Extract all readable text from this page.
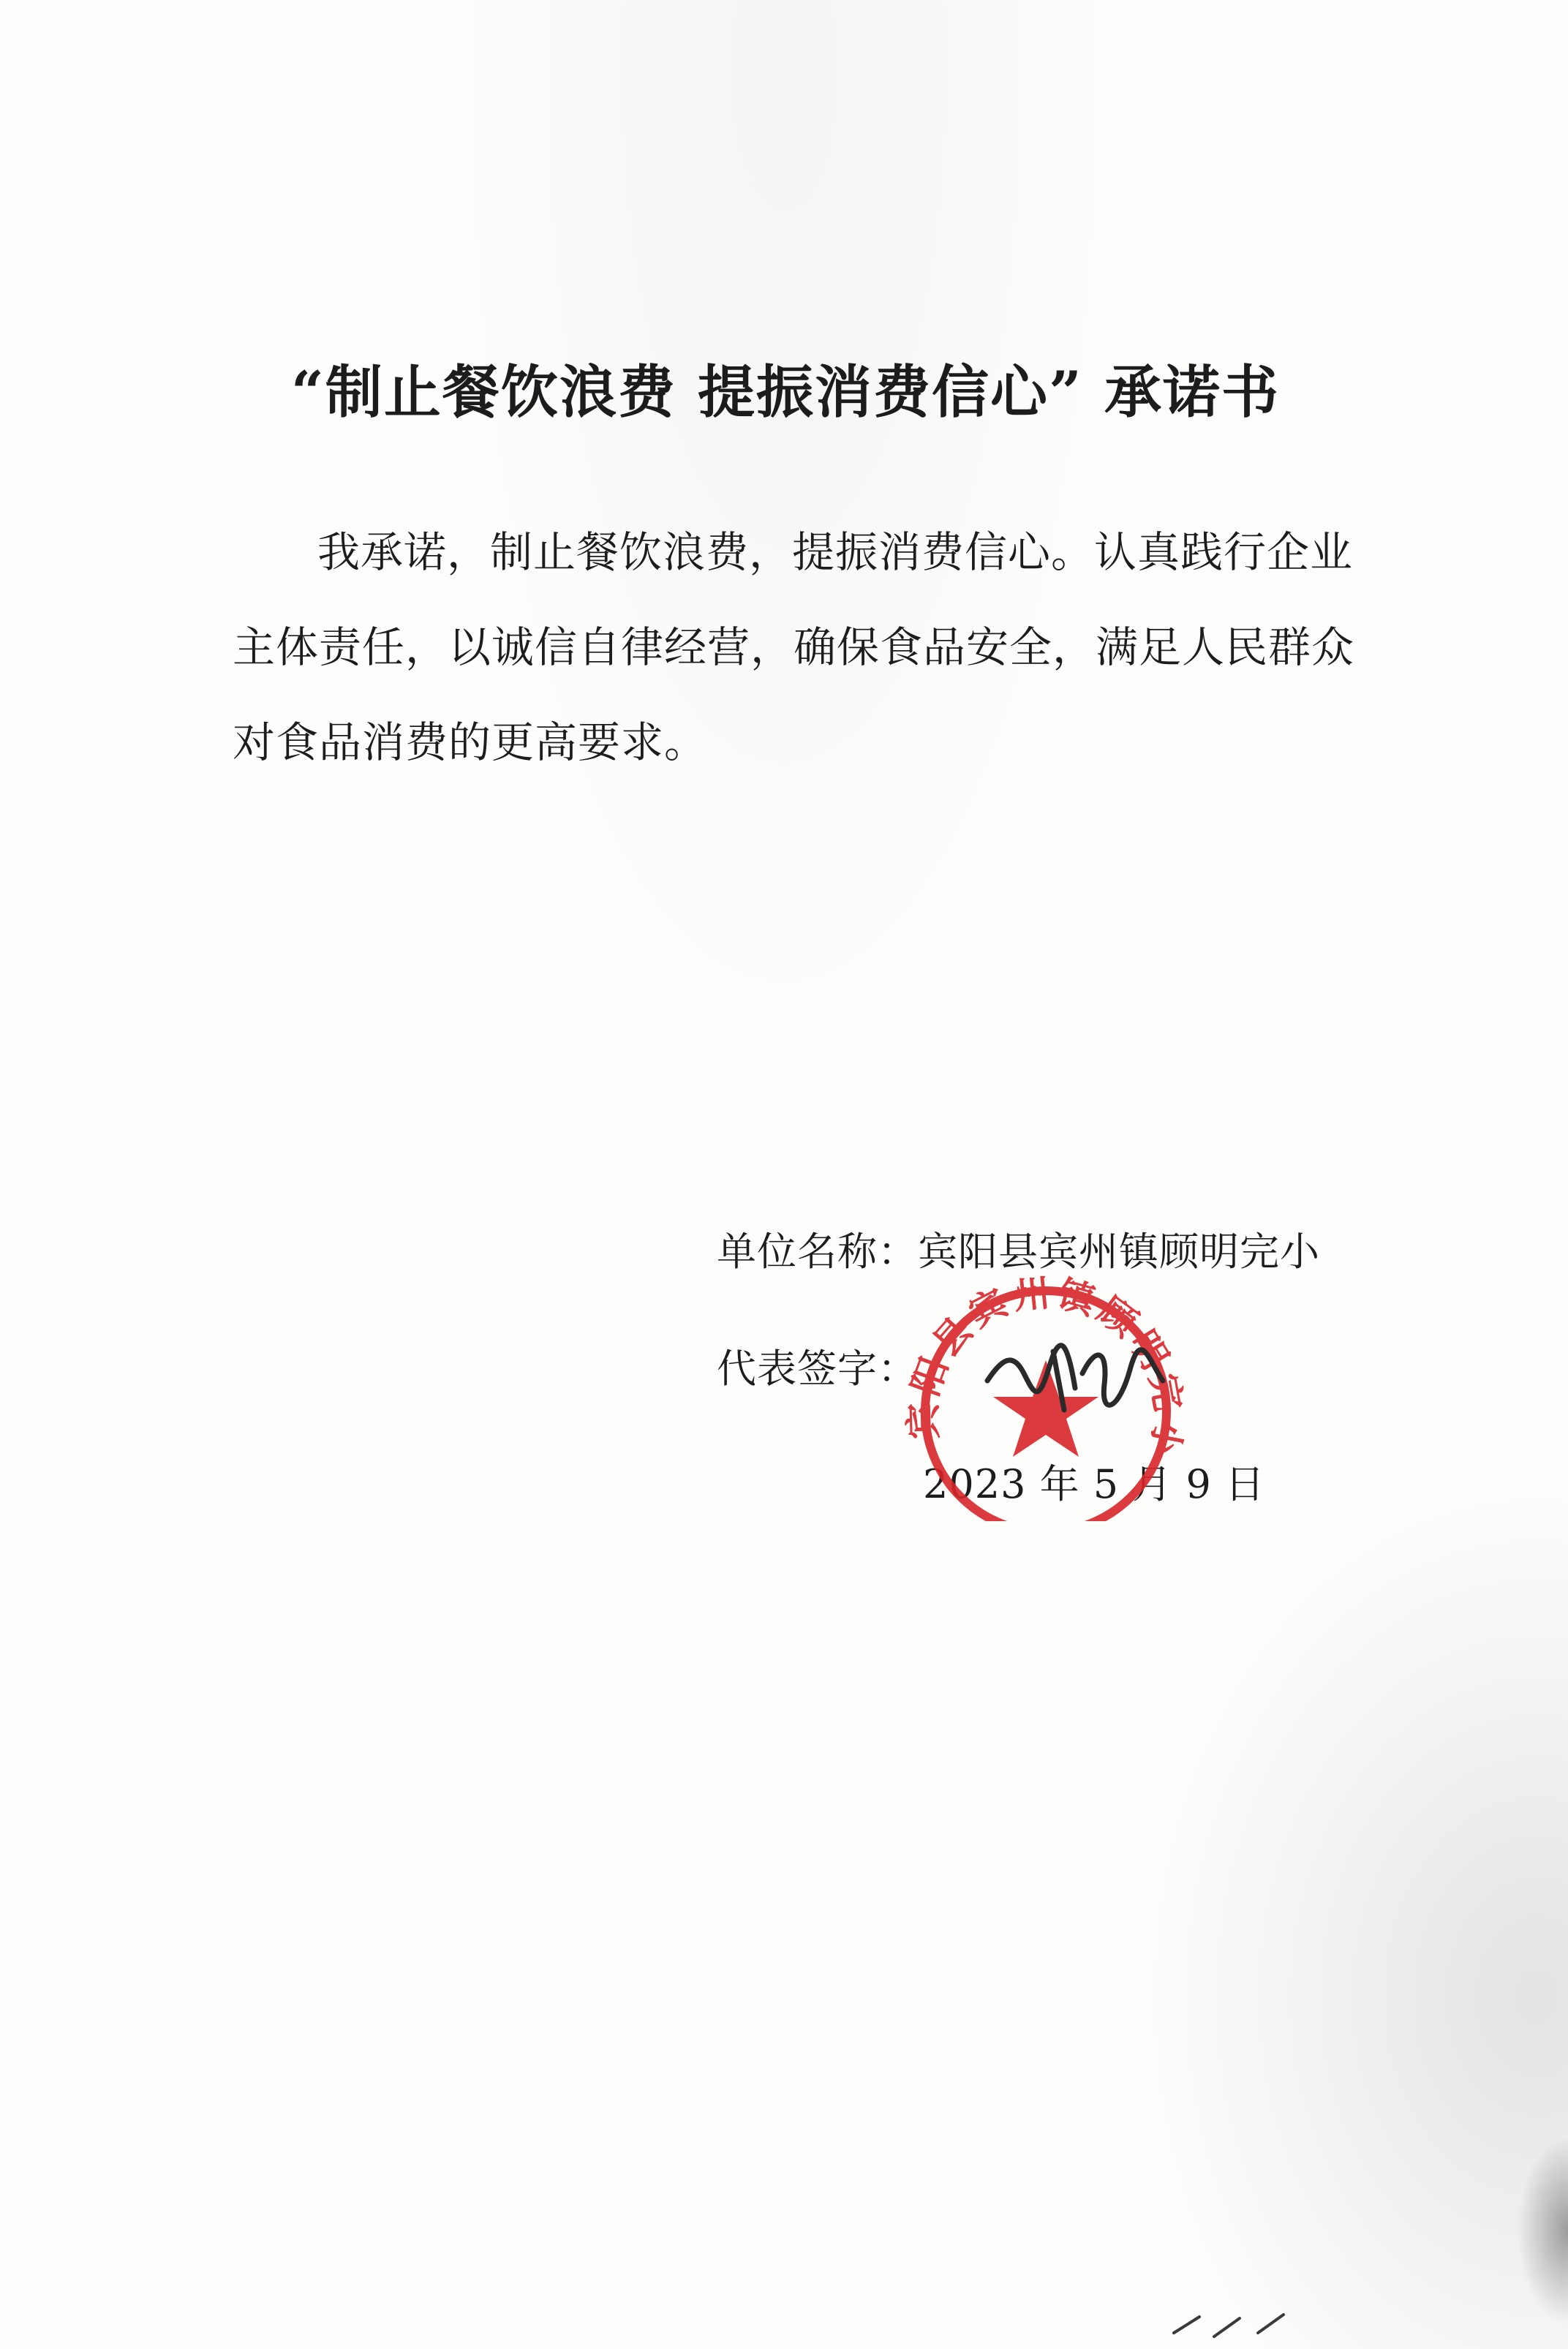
“制止餐饮浪费 提振消费信心” 承诺书

我承诺，制止餐饮浪费，提振消费信心。认真践行企业主体责任，以诚信自律经营，确保食品安全，满足人民群众对食品消费的更高要求。

单位名称：宾阳县宾州镇顾明完小
代表签字：
2023 年 5 月 9 日
宾阳县宾州镇顾明完小
